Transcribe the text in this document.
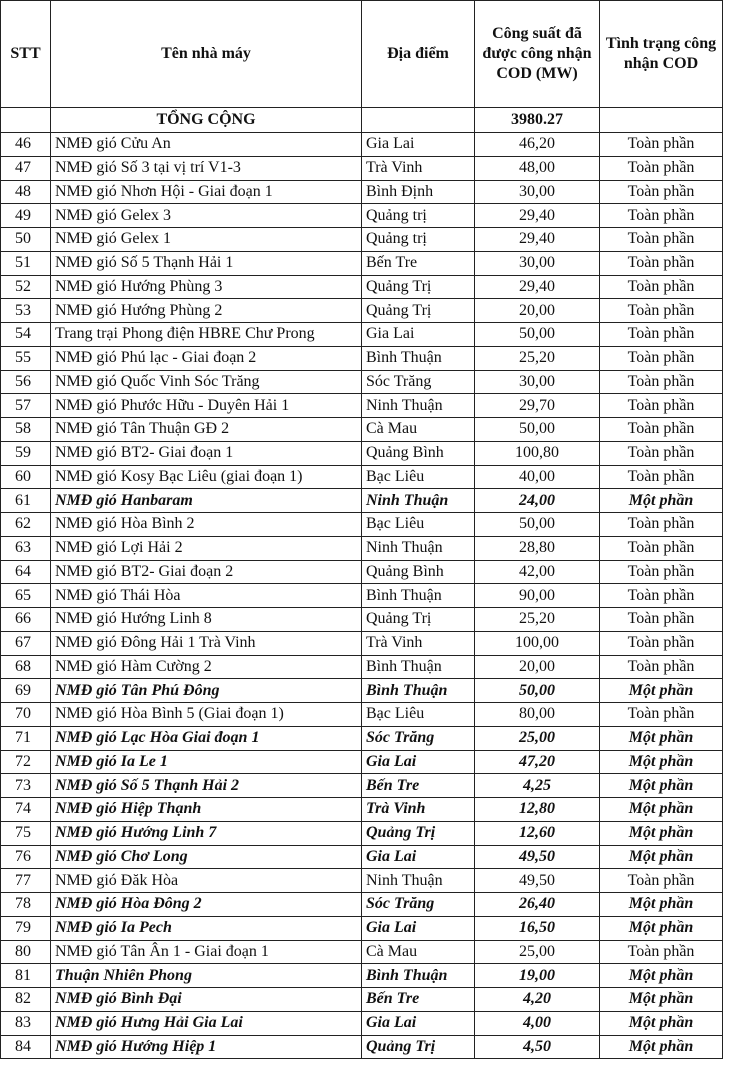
STT	Tên nhà máy	Địa điểm	Công suất đã được công nhận COD (MW)	Tình trạng công nhận COD
	TỔNG CỘNG		3980.27	
46	NMĐ gió Cửu An	Gia Lai	46,20	Toàn phần
47	NMĐ gió Số 3 tại vị trí V1-3	Trà Vinh	48,00	Toàn phần
48	NMĐ gió Nhơn Hội - Giai đoạn 1	Bình Định	30,00	Toàn phần
49	NMĐ gió Gelex 3	Quảng trị	29,40	Toàn phần
50	NMĐ gió Gelex 1	Quảng trị	29,40	Toàn phần
51	NMĐ gió Số 5 Thạnh Hải 1	Bến Tre	30,00	Toàn phần
52	NMĐ gió Hướng Phùng 3	Quảng Trị	29,40	Toàn phần
53	NMĐ gió Hướng Phùng 2	Quảng Trị	20,00	Toàn phần
54	Trang trại Phong điện HBRE Chư Prong	Gia Lai	50,00	Toàn phần
55	NMĐ gió Phú lạc - Giai đoạn 2	Bình Thuận	25,20	Toàn phần
56	NMĐ gió Quốc Vinh Sóc Trăng	Sóc Trăng	30,00	Toàn phần
57	NMĐ gió Phước Hữu - Duyên Hải 1	Ninh Thuận	29,70	Toàn phần
58	NMĐ gió Tân Thuận GĐ 2	Cà Mau	50,00	Toàn phần
59	NMĐ gió BT2- Giai đoạn 1	Quảng Bình	100,80	Toàn phần
60	NMĐ gió Kosy Bạc Liêu (giai đoạn 1)	Bạc Liêu	40,00	Toàn phần
61	NMĐ gió Hanbaram	Ninh Thuận	24,00	Một phần
62	NMĐ gió Hòa Bình 2	Bạc Liêu	50,00	Toàn phần
63	NMĐ gió Lợi Hải 2	Ninh Thuận	28,80	Toàn phần
64	NMĐ gió BT2- Giai đoạn 2	Quảng Bình	42,00	Toàn phần
65	NMĐ gió Thái Hòa	Bình Thuận	90,00	Toàn phần
66	NMĐ gió Hướng Linh 8	Quảng Trị	25,20	Toàn phần
67	NMĐ gió Đông Hải 1 Trà Vinh	Trà Vinh	100,00	Toàn phần
68	NMĐ gió Hàm Cường 2	Bình Thuận	20,00	Toàn phần
69	NMĐ gió Tân Phú Đông	Bình Thuận	50,00	Một phần
70	NMĐ gió Hòa Bình 5 (Giai đoạn 1)	Bạc Liêu	80,00	Toàn phần
71	NMĐ gió Lạc Hòa Giai đoạn 1	Sóc Trăng	25,00	Một phần
72	NMĐ gió Ia Le 1	Gia Lai	47,20	Một phần
73	NMĐ gió Số 5 Thạnh Hải 2	Bến Tre	4,25	Một phần
74	NMĐ gió Hiệp Thạnh	Trà Vinh	12,80	Một phần
75	NMĐ gió Hướng Linh 7	Quảng Trị	12,60	Một phần
76	NMĐ gió Chơ Long	Gia Lai	49,50	Một phần
77	NMĐ gió Đăk Hòa	Ninh Thuận	49,50	Toàn phần
78	NMĐ gió Hòa Đông 2	Sóc Trăng	26,40	Một phần
79	NMĐ gió Ia Pech	Gia Lai	16,50	Một phần
80	NMĐ gió Tân Ân 1 - Giai đoạn 1	Cà Mau	25,00	Toàn phần
81	Thuận Nhiên Phong	Bình Thuận	19,00	Một phần
82	NMĐ gió Bình Đại	Bến Tre	4,20	Một phần
83	NMĐ gió Hưng Hải Gia Lai	Gia Lai	4,00	Một phần
84	NMĐ gió Hướng Hiệp 1	Quảng Trị	4,50	Một phần
